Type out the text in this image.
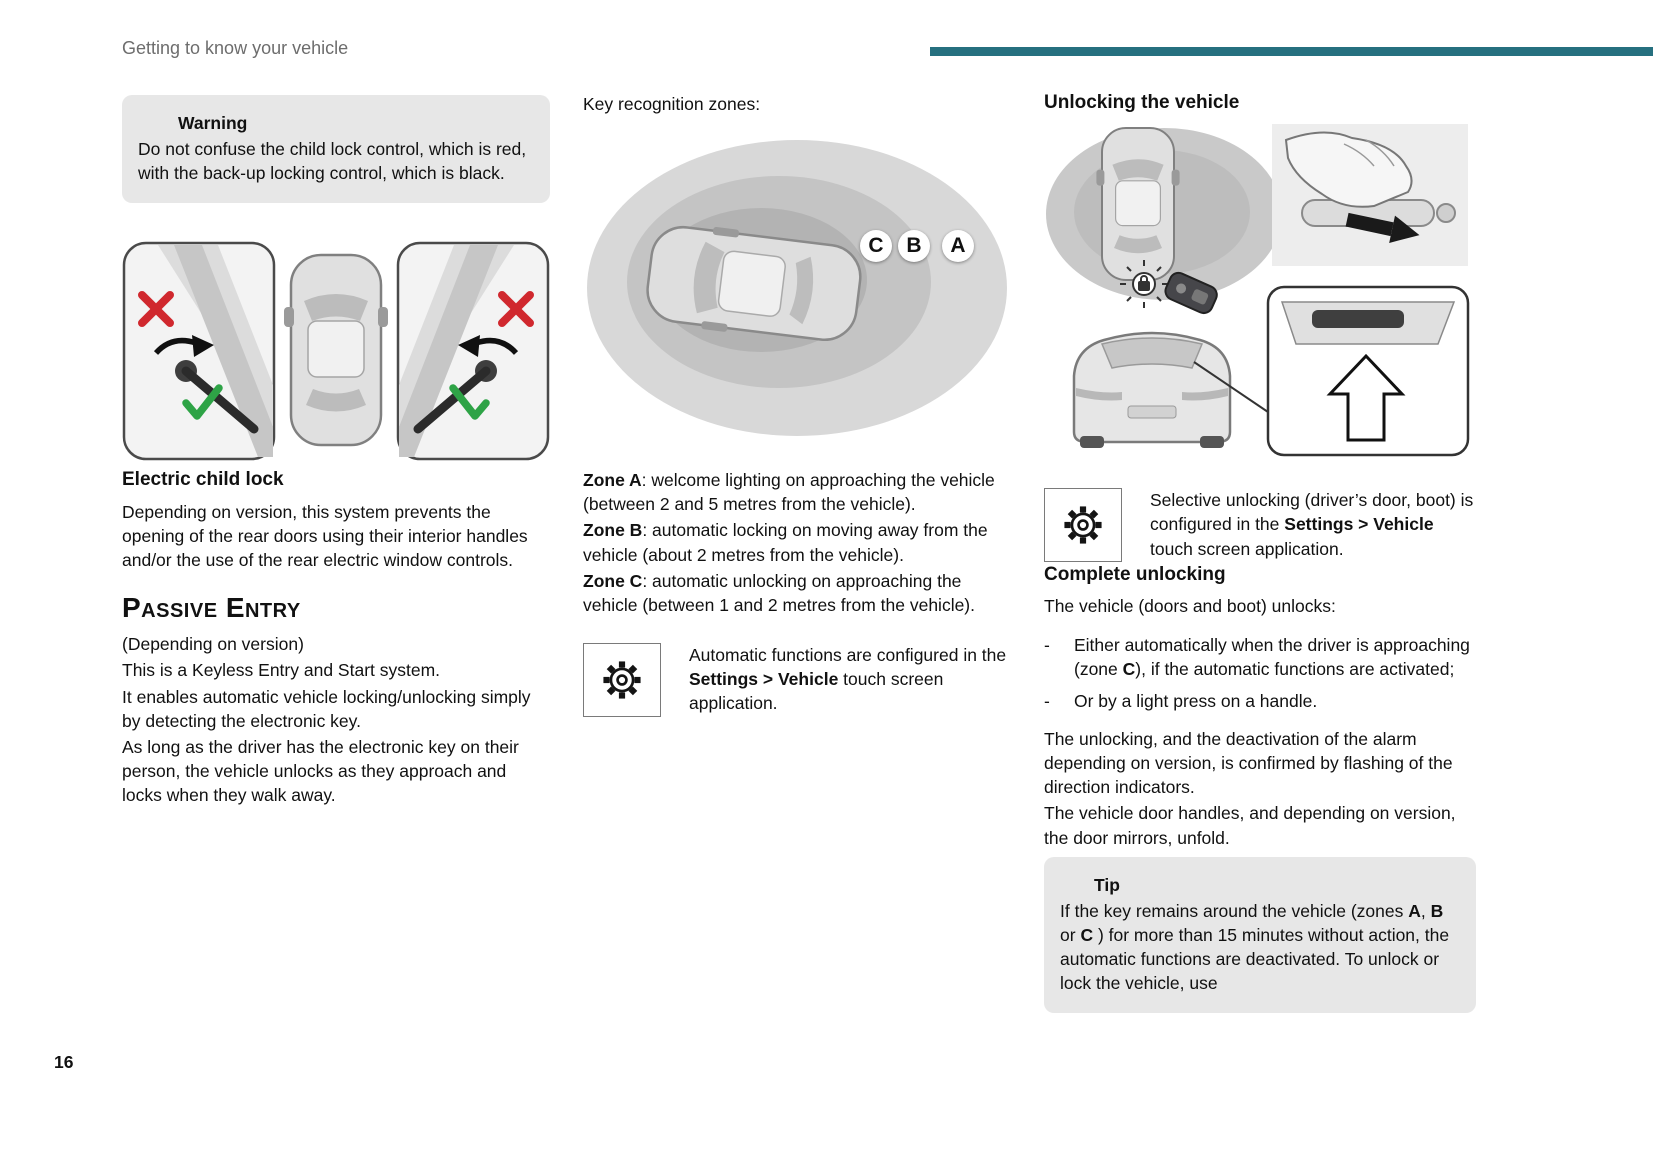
Getting to know your vehicle
16
Warning
Do not confuse the child lock control, which is red, with the back-up locking control, which is black.
Electric child lock

Depending on version, this system prevents the opening of the rear doors using their interior handles and/or the use of the rear electric window controls.

Passive Entry

(Depending on version)

This is a Keyless Entry and Start system.

It enables automatic vehicle locking/unlocking simply by detecting the electronic key.

As long as the driver has the electronic key on their person, the vehicle unlocks as they approach and locks when they walk away.

Key recognition zones:

C	B	A

Zone A: welcome lighting on approaching the vehicle (between 2 and 5 metres from the vehicle).

Zone B: automatic locking on moving away from the vehicle (about 2 metres from the vehicle).

Zone C: automatic unlocking on approaching the vehicle (between 1 and 2 metres from the vehicle).

Automatic functions are configured in the Settings > Vehicle touch screen application.
Unlocking the vehicle
Selective unlocking (driver’s door, boot) is configured in the Settings > Vehicle touch screen application.
Complete unlocking

The vehicle (doors and boot) unlocks:

-	Either automatically when the driver is approaching (zone C), if the automatic functions are activated;
-	Or by a light press on a handle.

The unlocking, and the deactivation of the alarm depending on version, is confirmed by flashing of the direction indicators.

The vehicle door handles, and depending on version, the door mirrors, unfold.

Tip
If the key remains around the vehicle (zones A, B or C ) for more than 15 minutes without action, the automatic functions are deactivated. To unlock or lock the vehicle, use
